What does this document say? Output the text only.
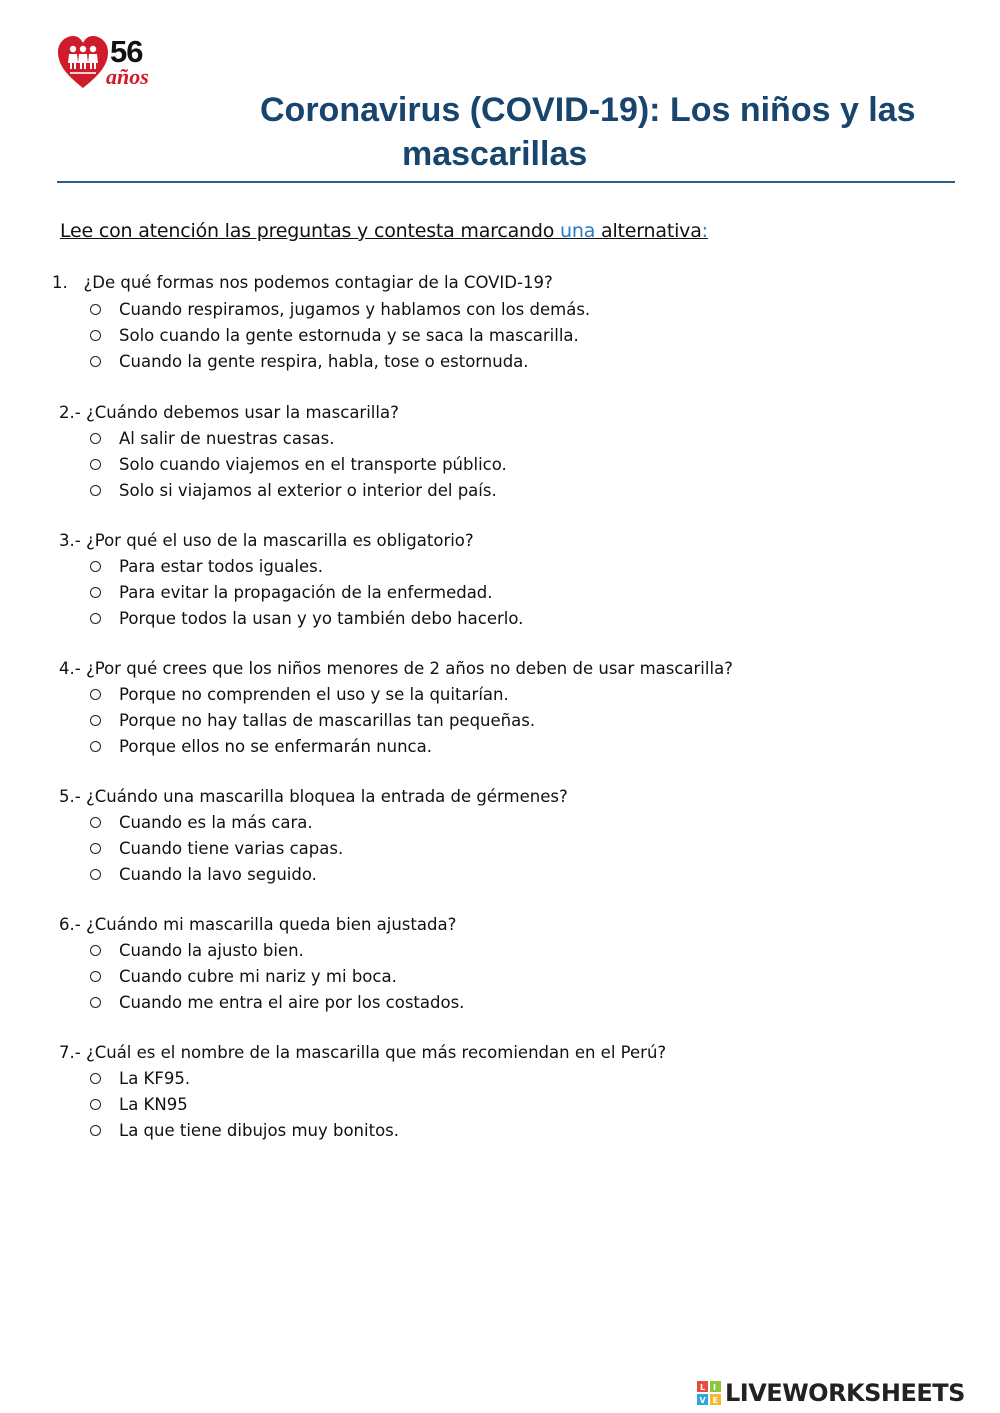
56
años
Coronavirus (COVID-19): Los niños y las
mascarillas
Lee con atención las preguntas y contesta marcando una alternativa:
1. ¿De qué formas nos podemos contagiar de la COVID-19?
Cuando respiramos, jugamos y hablamos con los demás.
Solo cuando la gente estornuda y se saca la mascarilla.
Cuando la gente respira, habla, tose o estornuda.
2.- ¿Cuándo debemos usar la mascarilla?
Al salir de nuestras casas.
Solo cuando viajemos en el transporte público.
Solo si viajamos al exterior o interior del país.
3.- ¿Por qué el uso de la mascarilla es obligatorio?
Para estar todos iguales.
Para evitar la propagación de la enfermedad.
Porque todos la usan y yo también debo hacerlo.
4.- ¿Por qué crees que los niños menores de 2 años no deben de usar mascarilla?
Porque no comprenden el uso y se la quitarían.
Porque no hay tallas de mascarillas tan pequeñas.
Porque ellos no se enfermarán nunca.
5.- ¿Cuándo una mascarilla bloquea la entrada de gérmenes?
Cuando es la más cara.
Cuando tiene varias capas.
Cuando la lavo seguido.
6.- ¿Cuándo mi mascarilla queda bien ajustada?
Cuando la ajusto bien.
Cuando cubre mi nariz y mi boca.
Cuando me entra el aire por los costados.
7.- ¿Cuál es el nombre de la mascarilla que más recomiendan en el Perú?
La KF95.
La KN95
La que tiene dibujos muy bonitos.
L I
V E LIVEWORKSHEETS
